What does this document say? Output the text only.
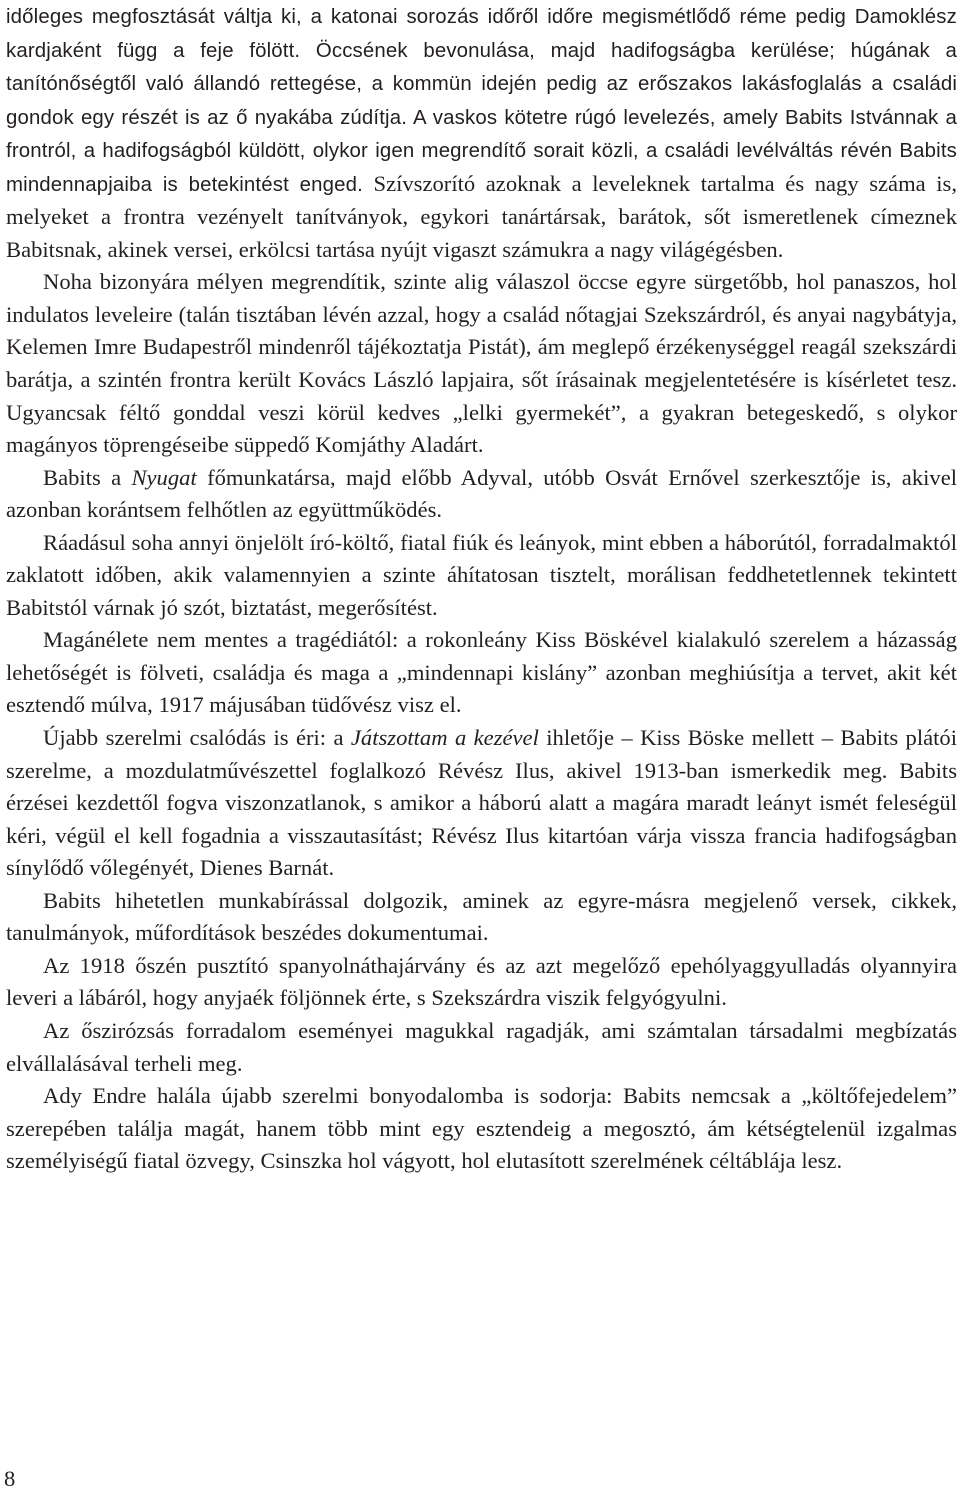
időleges megfosztását váltja ki, a katonai sorozás időről időre megismétlődő réme pedig Damoklész kardjaként függ a feje fölött. Öccsének bevonulása, majd hadifogságba kerülése; húgának a tanítónőségtől való állandó rettegése, a kommün idején pedig az erőszakos lakásfoglalás a családi gondok egy részét is az ő nyakába zúdítja. A vaskos kötetre rúgó levelezés, amely Babits Istvánnak a frontról, a hadifogságból küldött, olykor igen megrendítő sorait közli, a családi levélváltás révén Babits mindennapjaiba is betekintést enged. Szívszorító azoknak a leveleknek tartalma és nagy száma is, melyeket a frontra vezényelt tanítványok, egykori tanártársak, barátok, sőt ismeretlenek címeznek Babitsnak, akinek versei, erkölcsi tartása nyújt vigaszt számukra a nagy világégésben.

Noha bizonyára mélyen megrendítik, szinte alig válaszol öccse egyre sürgetőbb, hol panaszos, hol indulatos leveleire (talán tisztában lévén azzal, hogy a család nőtagjai Szekszárdról, és anyai nagybátyja, Kelemen Imre Budapestről mindenről tájékoztatja Pistát), ám meglepő érzékenységgel reagál szekszárdi barátja, a szintén frontra került Kovács László lapjaira, sőt írásainak megjelentetésére is kísérletet tesz. Ugyancsak féltő gonddal veszi körül kedves „lelki gyermekét”, a gyakran betegeskedő, s olykor magányos töprengéseibe süppedő Komjáthy Aladárt.

Babits a Nyugat főmunkatársa, majd előbb Adyval, utóbb Osvát Ernővel szerkesztője is, akivel azonban korántsem felhőtlen az együttműködés.

Ráadásul soha annyi önjelölt író-költő, fiatal fiúk és leányok, mint ebben a háborútól, forradalmaktól zaklatott időben, akik valamennyien a szinte áhítatosan tisztelt, morálisan feddhetetlennek tekintett Babitstól várnak jó szót, biztatást, megerősítést.

Magánélete nem mentes a tragédiától: a rokonleány Kiss Böskével kialakuló szerelem a házasság lehetőségét is fölveti, családja és maga a „mindennapi kislány” azonban meghiúsítja a tervet, akit két esztendő múlva, 1917 májusában tüdővész visz el.

Újabb szerelmi csalódás is éri: a Játszottam a kezével ihletője – Kiss Böske mellett – Babits plátói szerelme, a mozdulatművészettel foglalkozó Révész Ilus, akivel 1913-ban ismerkedik meg. Babits érzései kezdettől fogva viszonzatlanok, s amikor a háború alatt a magára maradt leányt ismét feleségül kéri, végül el kell fogadnia a visszautasítást; Révész Ilus kitartóan várja vissza francia hadifogságban sínylődő vőlegényét, Dienes Barnát.

Babits hihetetlen munkabírással dolgozik, aminek az egyre-másra megjelenő versek, cikkek, tanulmányok, műfordítások beszédes dokumentumai.

Az 1918 őszén pusztító spanyolnáthajárvány és az azt megelőző epehólyaggyulladás olyannyira leveri a lábáról, hogy anyjaék följönnek érte, s Szekszárdra viszik felgyógyulni.

Az őszirózsás forradalom eseményei magukkal ragadják, ami számtalan társadalmi megbízatás elvállalásával terheli meg.

Ady Endre halála újabb szerelmi bonyodalomba is sodorja: Babits nemcsak a „költőfejedelem” szerepében találja magát, hanem több mint egy esztendeig a megosztó, ám kétségtelenül izgalmas személyiségű fiatal özvegy, Csinszka hol vágyott, hol elutasított szerelmének céltáblája lesz.

8
